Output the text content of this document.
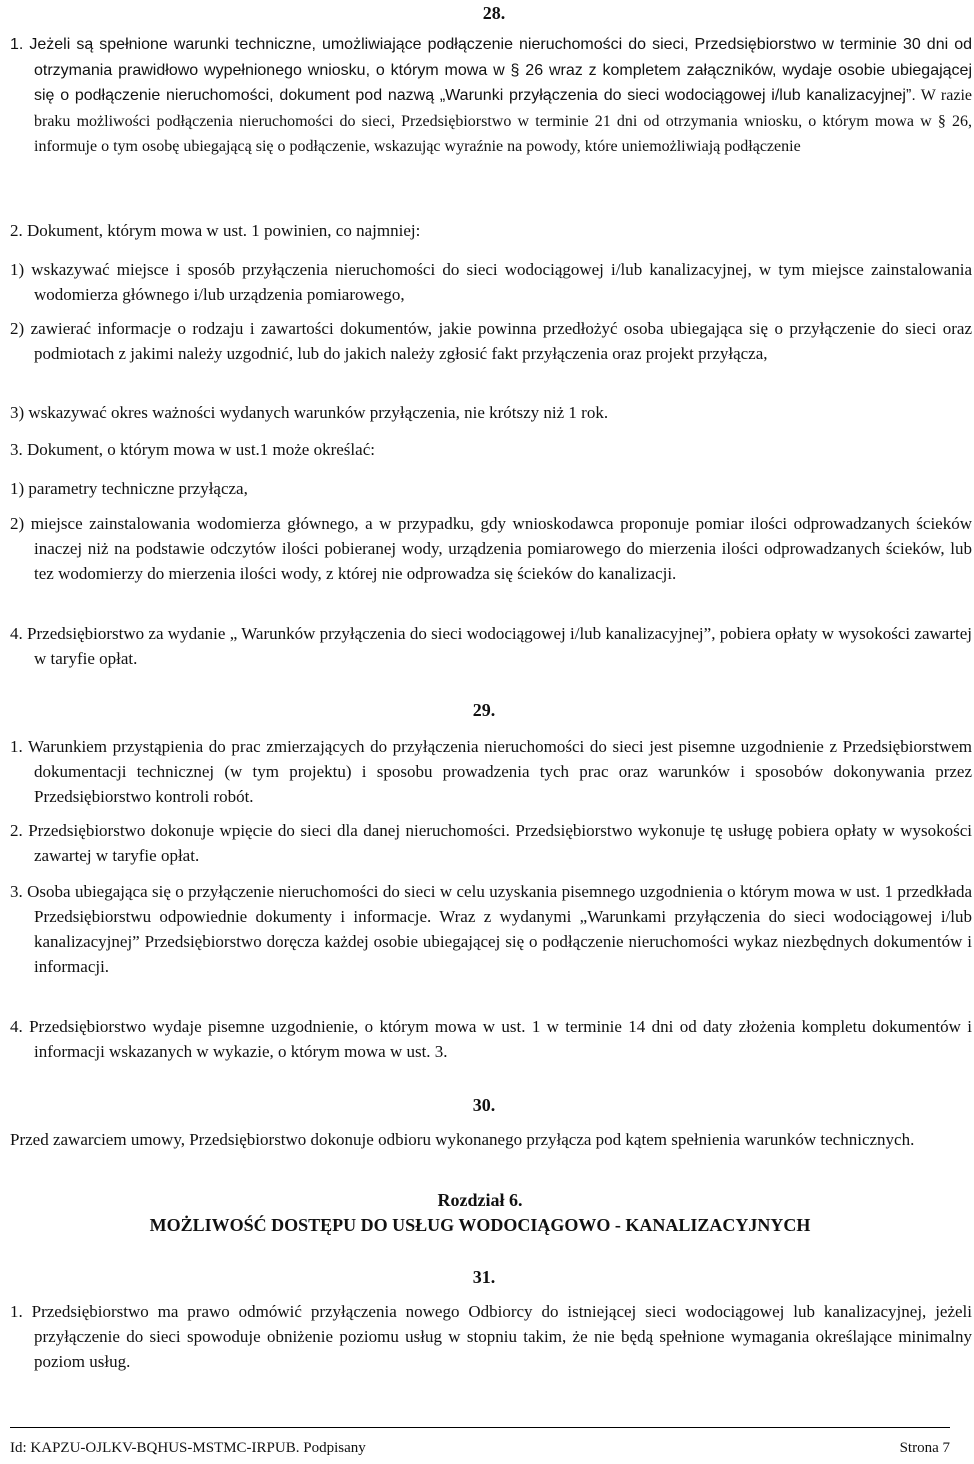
28.
1. Jeżeli są spełnione warunki techniczne, umożliwiające podłączenie nieruchomości do sieci, Przedsiębiorstwo w terminie 30 dni od otrzymania prawidłowo wypełnionego wniosku, o którym mowa w § 26 wraz z kompletem załączników, wydaje osobie ubiegającej się o podłączenie nieruchomości, dokument pod nazwą „Warunki przyłączenia do sieci wodociągowej i/lub kanalizacyjnej”. W razie braku możliwości podłączenia nieruchomości do sieci, Przedsiębiorstwo w terminie 21 dni od otrzymania wniosku, o którym mowa w § 26, informuje o tym osobę ubiegającą się o podłączenie, wskazując wyraźnie na powody, które uniemożliwiają podłączenie
2. Dokument, którym mowa w ust. 1 powinien, co najmniej:
1) wskazywać miejsce i sposób przyłączenia nieruchomości do sieci wodociągowej i/lub kanalizacyjnej, w tym miejsce zainstalowania wodomierza głównego i/lub urządzenia pomiarowego,
2) zawierać informacje o rodzaju i zawartości dokumentów, jakie powinna przedłożyć osoba ubiegająca się o przyłączenie do sieci oraz podmiotach z jakimi należy uzgodnić, lub do jakich należy zgłosić fakt przyłączenia oraz projekt przyłącza,
3) wskazywać okres ważności wydanych warunków przyłączenia, nie krótszy niż 1 rok.
3. Dokument, o którym mowa w ust.1 może określać:
1) parametry techniczne przyłącza,
2) miejsce zainstalowania wodomierza głównego, a w przypadku, gdy wnioskodawca proponuje pomiar ilości odprowadzanych ścieków inaczej niż na podstawie odczytów ilości pobieranej wody, urządzenia pomiarowego do mierzenia ilości odprowadzanych ścieków, lub tez wodomierzy do mierzenia ilości wody, z której nie odprowadza się ścieków do kanalizacji.
4. Przedsiębiorstwo za wydanie „ Warunków przyłączenia do sieci wodociągowej i/lub kanalizacyjnej”, pobiera opłaty w wysokości zawartej w taryfie opłat.
29.
1. Warunkiem przystąpienia do prac zmierzających do przyłączenia nieruchomości do sieci jest pisemne uzgodnienie z Przedsiębiorstwem dokumentacji technicznej (w tym projektu) i sposobu prowadzenia tych prac oraz warunków i sposobów dokonywania przez Przedsiębiorstwo kontroli robót.
2. Przedsiębiorstwo dokonuje wpięcie do sieci dla danej nieruchomości. Przedsiębiorstwo wykonuje tę usługę pobiera opłaty w wysokości zawartej w taryfie opłat.
3. Osoba ubiegająca się o przyłączenie nieruchomości do sieci w celu uzyskania pisemnego uzgodnienia o którym mowa w ust. 1 przedkłada Przedsiębiorstwu odpowiednie dokumenty i informacje. Wraz z wydanymi „Warunkami przyłączenia do sieci wodociągowej i/lub kanalizacyjnej” Przedsiębiorstwo doręcza każdej osobie ubiegającej się o podłączenie nieruchomości wykaz niezbędnych dokumentów i informacji.
4. Przedsiębiorstwo wydaje pisemne uzgodnienie, o którym mowa w ust. 1 w terminie 14 dni od daty złożenia kompletu dokumentów i informacji wskazanych w wykazie, o którym mowa w ust. 3.
30.
Przed zawarciem umowy, Przedsiębiorstwo dokonuje odbioru wykonanego przyłącza pod kątem spełnienia warunków technicznych.
Rozdział 6.
MOŻLIWOŚĆ DOSTĘPU DO USŁUG WODOCIĄGOWO - KANALIZACYJNYCH
31.
1. Przedsiębiorstwo ma prawo odmówić przyłączenia nowego Odbiorcy do istniejącej sieci wodociągowej lub kanalizacyjnej, jeżeli przyłączenie do sieci spowoduje obniżenie poziomu usług w stopniu takim, że nie będą spełnione wymagania określające minimalny poziom usług.
Id: KAPZU-OJLKV-BQHUS-MSTMC-IRPUB. Podpisany	Strona 7
